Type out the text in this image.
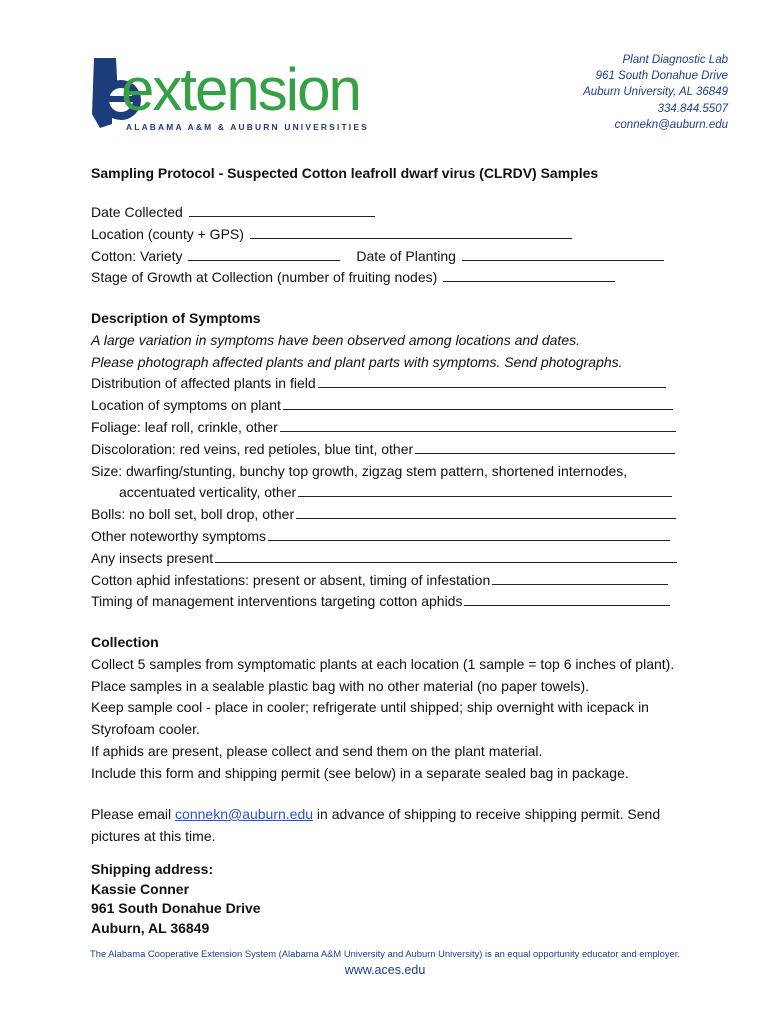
extension
ALABAMA A&M & AUBURN UNIVERSITIES
Plant Diagnostic Lab
961 South Donahue Drive
Auburn University, AL 36849
334.844.5507
connekn@auburn.edu
Sampling Protocol - Suspected Cotton leafroll dwarf virus (CLRDV) Samples
Date Collected
Location (county + GPS)
Cotton: Variety	Date of Planting
Stage of Growth at Collection (number of fruiting nodes)
Description of Symptoms
A large variation in symptoms have been observed among locations and dates.
Please photograph affected plants and plant parts with symptoms. Send photographs.
Distribution of affected plants in field
Location of symptoms on plant
Foliage: leaf roll, crinkle, other
Discoloration: red veins, red petioles, blue tint, other
Size: dwarfing/stunting, bunchy top growth, zigzag stem pattern, shortened internodes,
accentuated verticality, other
Bolls: no boll set, boll drop, other
Other noteworthy symptoms
Any insects present
Cotton aphid infestations: present or absent, timing of infestation
Timing of management interventions targeting cotton aphids
Collection
Collect 5 samples from symptomatic plants at each location (1 sample = top 6 inches of plant).
Place samples in a sealable plastic bag with no other material (no paper towels).
Keep sample cool - place in cooler; refrigerate until shipped; ship overnight with icepack in
Styrofoam cooler.
If aphids are present, please collect and send them on the plant material.
Include this form and shipping permit (see below) in a separate sealed bag in package.
Please email connekn@auburn.edu in advance of shipping to receive shipping permit. Send
pictures at this time.
Shipping address:
Kassie Conner
961 South Donahue Drive
Auburn, AL 36849
The Alabama Cooperative Extension System (Alabama A&M University and Auburn University) is an equal opportunity educator and employer.
www.aces.edu
